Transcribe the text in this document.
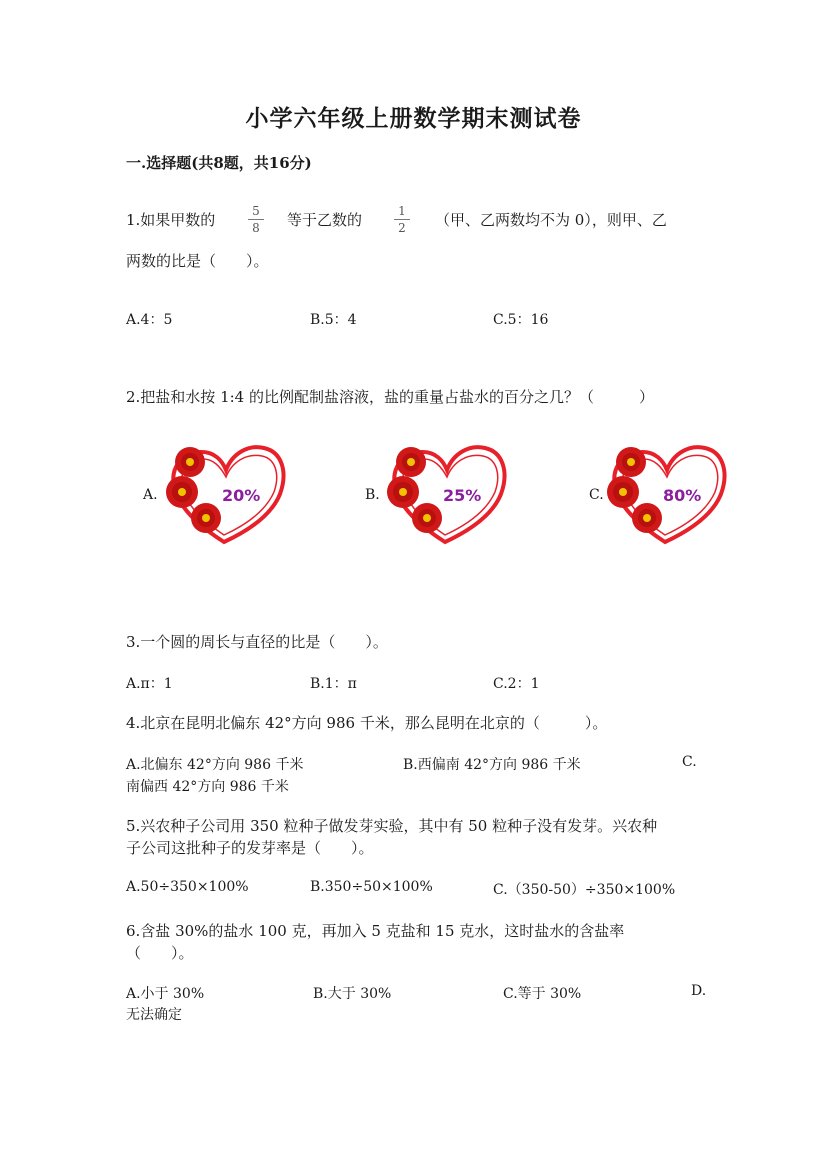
小学六年级上册数学期末测试卷
一.选择题(共8题，共16分)
1.如果甲数的	5
8 等于乙数的	1
2 （甲、乙两数均不为 0），则甲、乙
两数的比是（　　）。
A.4：5	B.5：4	C.5：16
2.把盐和水按 1:4 的比例配制盐溶液，盐的重量占盐水的百分之几？（　　　）
A.	20%	B.	25%	C.	80%
3.一个圆的周长与直径的比是（　　）。
A.π：1	B.1：π	C.2：1
4.北京在昆明北偏东 42°方向 986 千米，那么昆明在北京的（　　　）。
A.北偏东 42°方向 986 千米	B.西偏南 42°方向 986 千米	C.
南偏西 42°方向 986 千米
5.兴农种子公司用 350 粒种子做发芽实验，其中有 50 粒种子没有发芽。兴农种
子公司这批种子的发芽率是（　　）。
A.50÷350×100%	B.350÷50×100%	C.（350-50）÷350×100%
6.含盐 30%的盐水 100 克，再加入 5 克盐和 15 克水，这时盐水的含盐率
（　　）。
A.小于 30%	B.大于 30%	C.等于 30%	D.
无法确定
